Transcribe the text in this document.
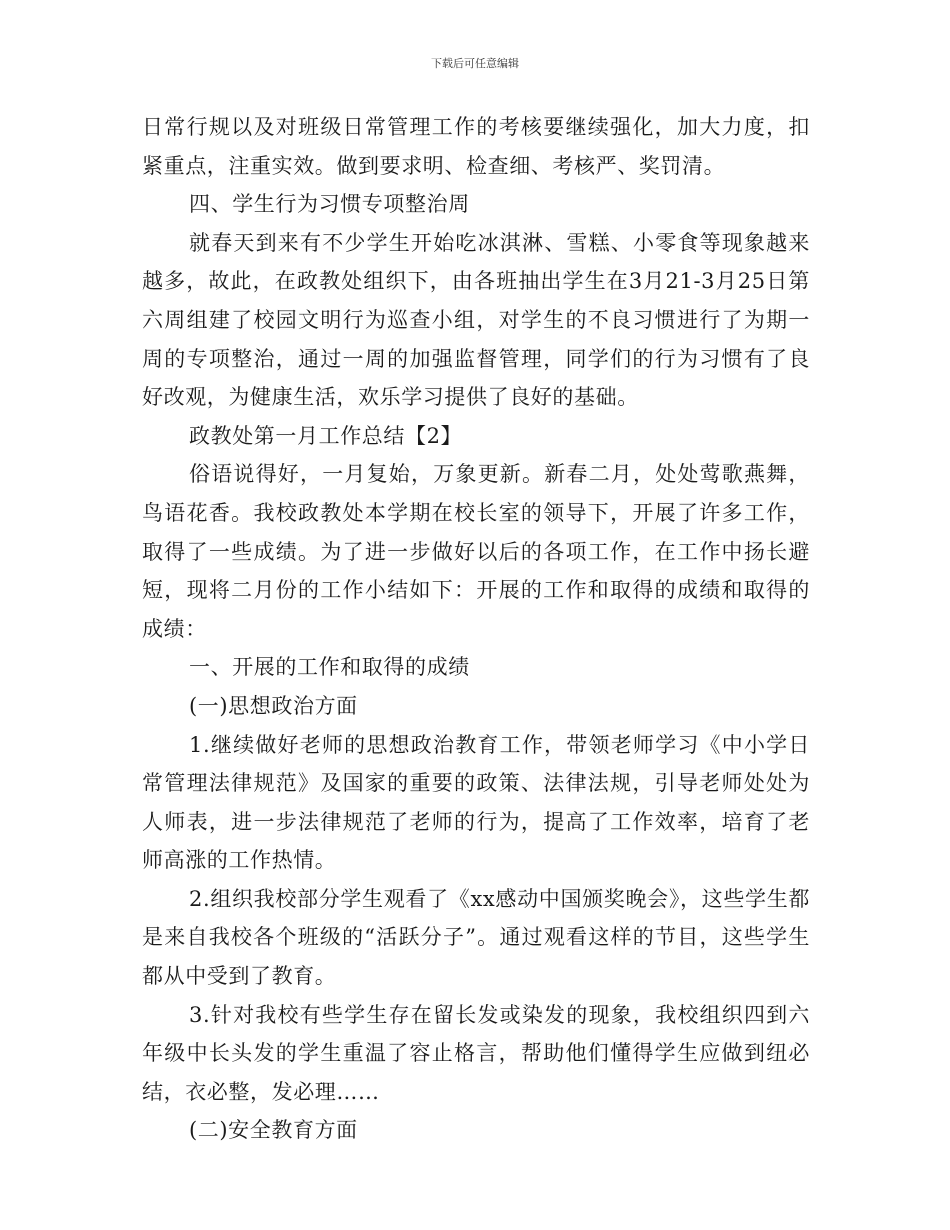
下载后可任意编辑

日常行规以及对班级日常管理工作的考核要继续强化，加大力度，扣紧重点，注重实效。做到要求明、检查细、考核严、奖罚清。

四、学生行为习惯专项整治周

就春天到来有不少学生开始吃冰淇淋、雪糕、小零食等现象越来越多，故此，在政教处组织下，由各班抽出学生在3月21-3月25日第六周组建了校园文明行为巡查小组，对学生的不良习惯进行了为期一周的专项整治，通过一周的加强监督管理，同学们的行为习惯有了良好改观，为健康生活，欢乐学习提供了良好的基础。

政教处第一月工作总结【2】

俗语说得好，一月复始，万象更新。新春二月，处处莺歌燕舞，鸟语花香。我校政教处本学期在校长室的领导下，开展了许多工作，取得了一些成绩。为了进一步做好以后的各项工作，在工作中扬长避短，现将二月份的工作小结如下：开展的工作和取得的成绩和取得的成绩：

一、开展的工作和取得的成绩

(一)思想政治方面

1.继续做好老师的思想政治教育工作，带领老师学习《中小学日常管理法律规范》及国家的重要的政策、法律法规，引导老师处处为人师表，进一步法律规范了老师的行为，提高了工作效率，培育了老师高涨的工作热情。

2.组织我校部分学生观看了《xx感动中国颁奖晚会》，这些学生都是来自我校各个班级的“活跃分子”。通过观看这样的节目，这些学生都从中受到了教育。

3.针对我校有些学生存在留长发或染发的现象，我校组织四到六年级中长头发的学生重温了容止格言，帮助他们懂得学生应做到纽必结，衣必整，发必理……

(二)安全教育方面
